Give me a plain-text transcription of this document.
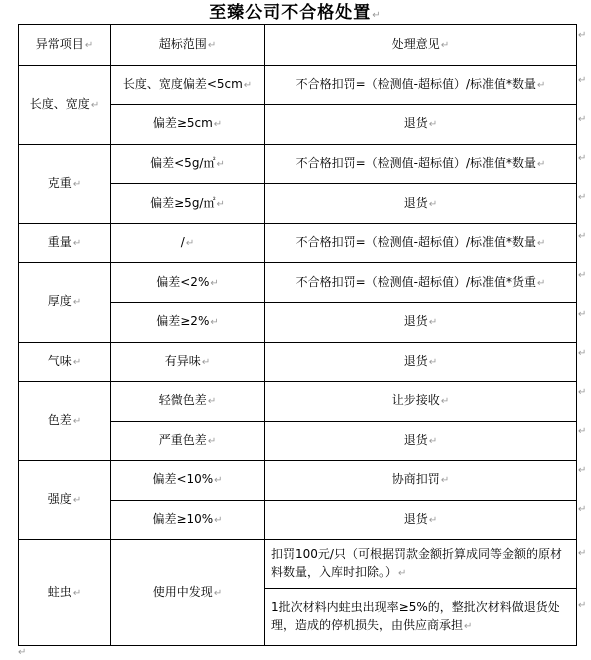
至臻公司不合格处置↵
异常项目↵	超标范围↵	处理意见↵
长度、宽度↵	长度、宽度偏差<5cm↵	不合格扣罚=（检测值-超标值）/标准值*数量↵
	偏差≥5cm↵	退货↵
克重↵	偏差<5g/㎡↵	不合格扣罚=（检测值-超标值）/标准值*数量↵
	偏差≥5g/㎡↵	退货↵
重量↵	/↵	不合格扣罚=（检测值-超标值）/标准值*数量↵
厚度↵	偏差<2%↵	不合格扣罚=（检测值-超标值）/标准值*货重↵
	偏差≥2%↵	退货↵
气味↵	有异味↵	退货↵
色差↵	轻微色差↵	让步接收↵
	严重色差↵	退货↵
强度↵	偏差<10%↵	协商扣罚↵
	偏差≥10%↵	退货↵
蛀虫↵	使用中发现↵	扣罚100元/只（可根据罚款金额折算成同等金额的原材料数量，入库时扣除。）↵
		1批次材料内蛀虫出现率≥5%的，整批次材料做退货处理，造成的停机损失，由供应商承担↵
↵
↵
↵
↵
↵
↵
↵
↵
↵
↵
↵
↵
↵
↵
↵
↵
